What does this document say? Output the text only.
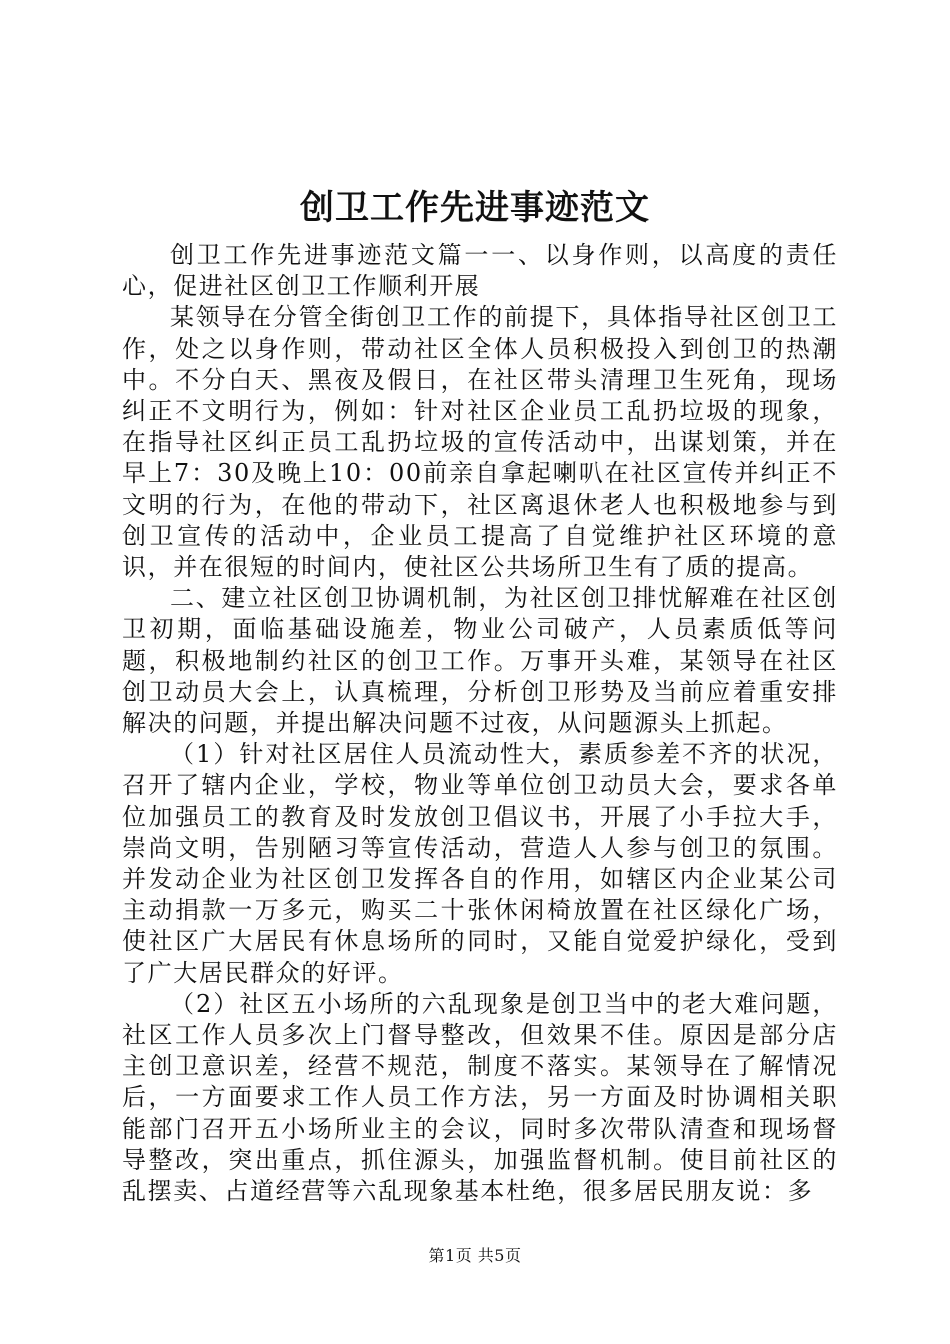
创卫工作先进事迹范文

创卫工作先进事迹范文篇一一、以身作则，以高度的责任心，促进社区创卫工作顺利开展

某领导在分管全街创卫工作的前提下，具体指导社区创卫工作，处之以身作则，带动社区全体人员积极投入到创卫的热潮中。不分白天、黑夜及假日，在社区带头清理卫生死角，现场纠正不文明行为，例如：针对社区企业员工乱扔垃圾的现象，在指导社区纠正员工乱扔垃圾的宣传活动中，出谋划策，并在早上7：30及晚上10：00前亲自拿起喇叭在社区宣传并纠正不文明的行为，在他的带动下，社区离退休老人也积极地参与到创卫宣传的活动中，企业员工提高了自觉维护社区环境的意识，并在很短的时间内，使社区公共场所卫生有了质的提高。

二、建立社区创卫协调机制，为社区创卫排忧解难在社区创卫初期，面临基础设施差，物业公司破产，人员素质低等问题，积极地制约社区的创卫工作。万事开头难，某领导在社区创卫动员大会上，认真梳理，分析创卫形势及当前应着重安排解决的问题，并提出解决问题不过夜，从问题源头上抓起。

（1）针对社区居住人员流动性大，素质参差不齐的状况，召开了辖内企业，学校，物业等单位创卫动员大会，要求各单位加强员工的教育及时发放创卫倡议书，开展了小手拉大手，崇尚文明，告别陋习等宣传活动，营造人人参与创卫的氛围。并发动企业为社区创卫发挥各自的作用，如辖区内企业某公司主动捐款一万多元，购买二十张休闲椅放置在社区绿化广场，使社区广大居民有休息场所的同时，又能自觉爱护绿化，受到了广大居民群众的好评。

（2）社区五小场所的六乱现象是创卫当中的老大难问题，社区工作人员多次上门督导整改，但效果不佳。原因是部分店主创卫意识差，经营不规范，制度不落实。某领导在了解情况后，一方面要求工作人员工作方法，另一方面及时协调相关职能部门召开五小场所业主的会议，同时多次带队清查和现场督导整改，突出重点，抓住源头，加强监督机制。使目前社区的乱摆卖、占道经营等六乱现象基本杜绝，很多居民朋友说：多

第1页 共5页
